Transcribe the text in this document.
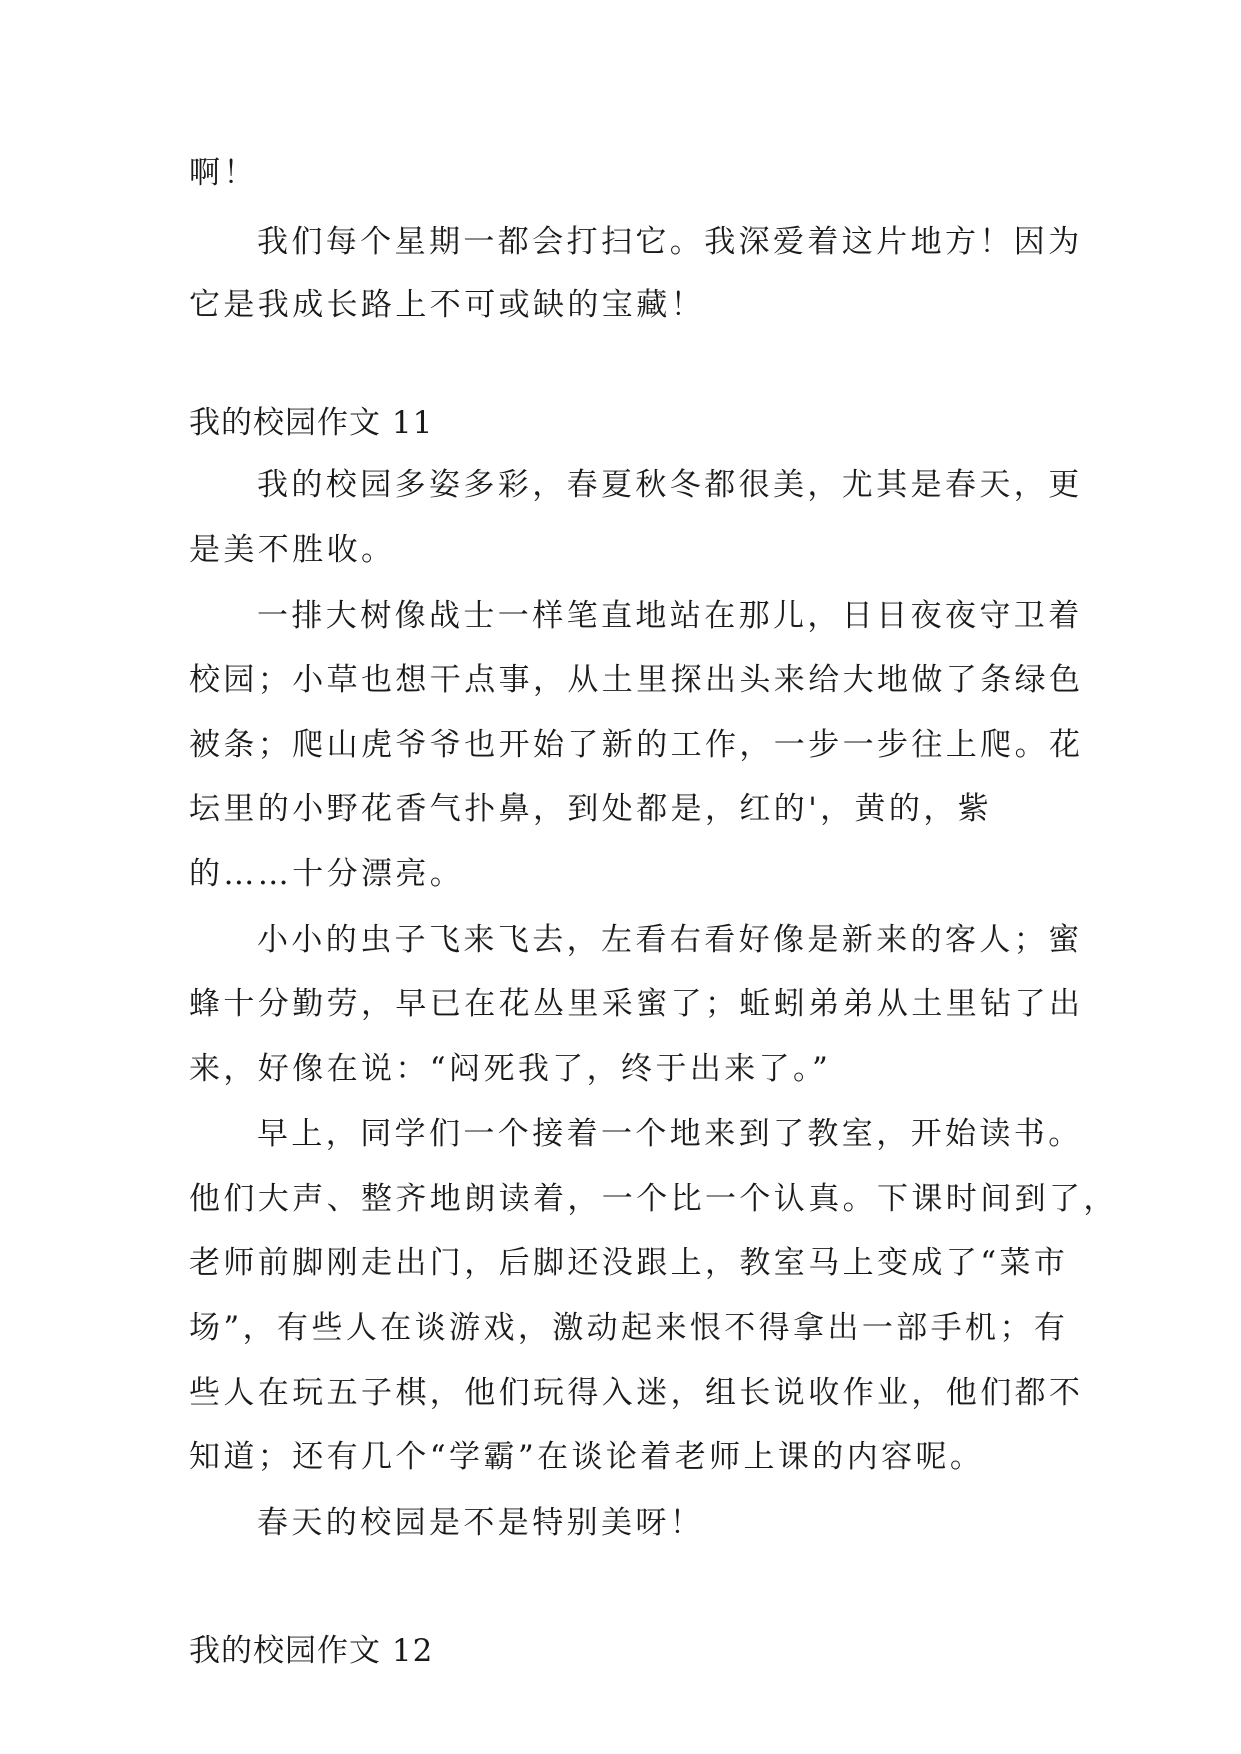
啊！
我们每个星期一都会打扫它。我深爱着这片地方！因为
它是我成长路上不可或缺的宝藏！
我的校园作文 11
我的校园多姿多彩，春夏秋冬都很美，尤其是春天，更
是美不胜收。
一排大树像战士一样笔直地站在那儿，日日夜夜守卫着
校园；小草也想干点事，从土里探出头来给大地做了条绿色
被条；爬山虎爷爷也开始了新的工作，一步一步往上爬。花
坛里的小野花香气扑鼻，到处都是，红的'，黄的，紫
的……十分漂亮。
小小的虫子飞来飞去，左看右看好像是新来的客人；蜜
蜂十分勤劳，早已在花丛里采蜜了；蚯蚓弟弟从土里钻了出
来，好像在说：“闷死我了，终于出来了。”
早上，同学们一个接着一个地来到了教室，开始读书。
他们大声、整齐地朗读着，一个比一个认真。下课时间到了，
老师前脚刚走出门，后脚还没跟上，教室马上变成了“菜市
场”，有些人在谈游戏，激动起来恨不得拿出一部手机；有
些人在玩五子棋，他们玩得入迷，组长说收作业，他们都不
知道；还有几个“学霸”在谈论着老师上课的内容呢。
春天的校园是不是特别美呀！
我的校园作文 12
